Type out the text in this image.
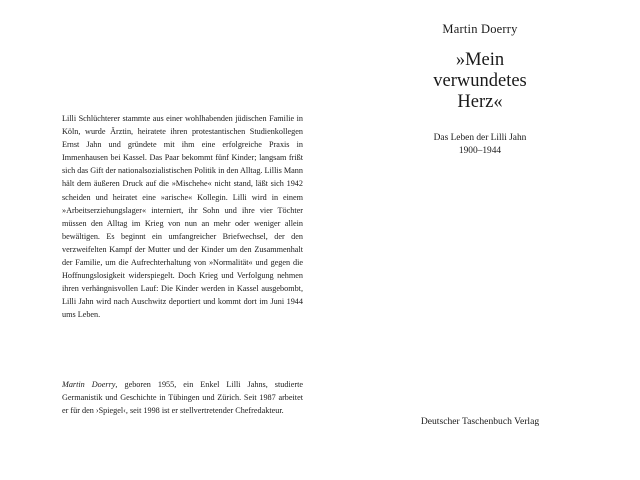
Lilli Schlüchterer stammte aus einer wohlhabenden jüdischen Familie in Köln, wurde Ärztin, heiratete ihren protestantischen Studienkollegen Ernst Jahn und gründete mit ihm eine erfolgreiche Praxis in Immenhausen bei Kassel. Das Paar bekommt fünf Kinder; langsam frißt sich das Gift der nationalsozialistischen Politik in den Alltag. Lillis Mann hält dem äußeren Druck auf die »Mischehe« nicht stand, läßt sich 1942 scheiden und heiratet eine »arische« Kollegin. Lilli wird in einem »Arbeitserziehungslager« interniert, ihr Sohn und ihre vier Töchter müssen den Alltag im Krieg von nun an mehr oder weniger allein bewältigen. Es beginnt ein umfangreicher Briefwechsel, der den verzweifelten Kampf der Mutter und der Kinder um den Zusammenhalt der Familie, um die Aufrechterhaltung von »Normalität« und gegen die Hoffnungslosigkeit widerspiegelt. Doch Krieg und Verfolgung nehmen ihren verhängnisvollen Lauf: Die Kinder werden in Kassel ausgebombt, Lilli Jahn wird nach Auschwitz deportiert und kommt dort im Juni 1944 ums Leben.
Martin Doerry, geboren 1955, ein Enkel Lilli Jahns, studierte Germanistik und Geschichte in Tübingen und Zürich. Seit 1987 arbeitet er für den ›Spiegel‹, seit 1998 ist er stellvertretender Chefredakteur.
Martin Doerry
»Mein
verwundetes
Herz«
Das Leben der Lilli Jahn
1900–1944
Deutscher Taschenbuch Verlag
